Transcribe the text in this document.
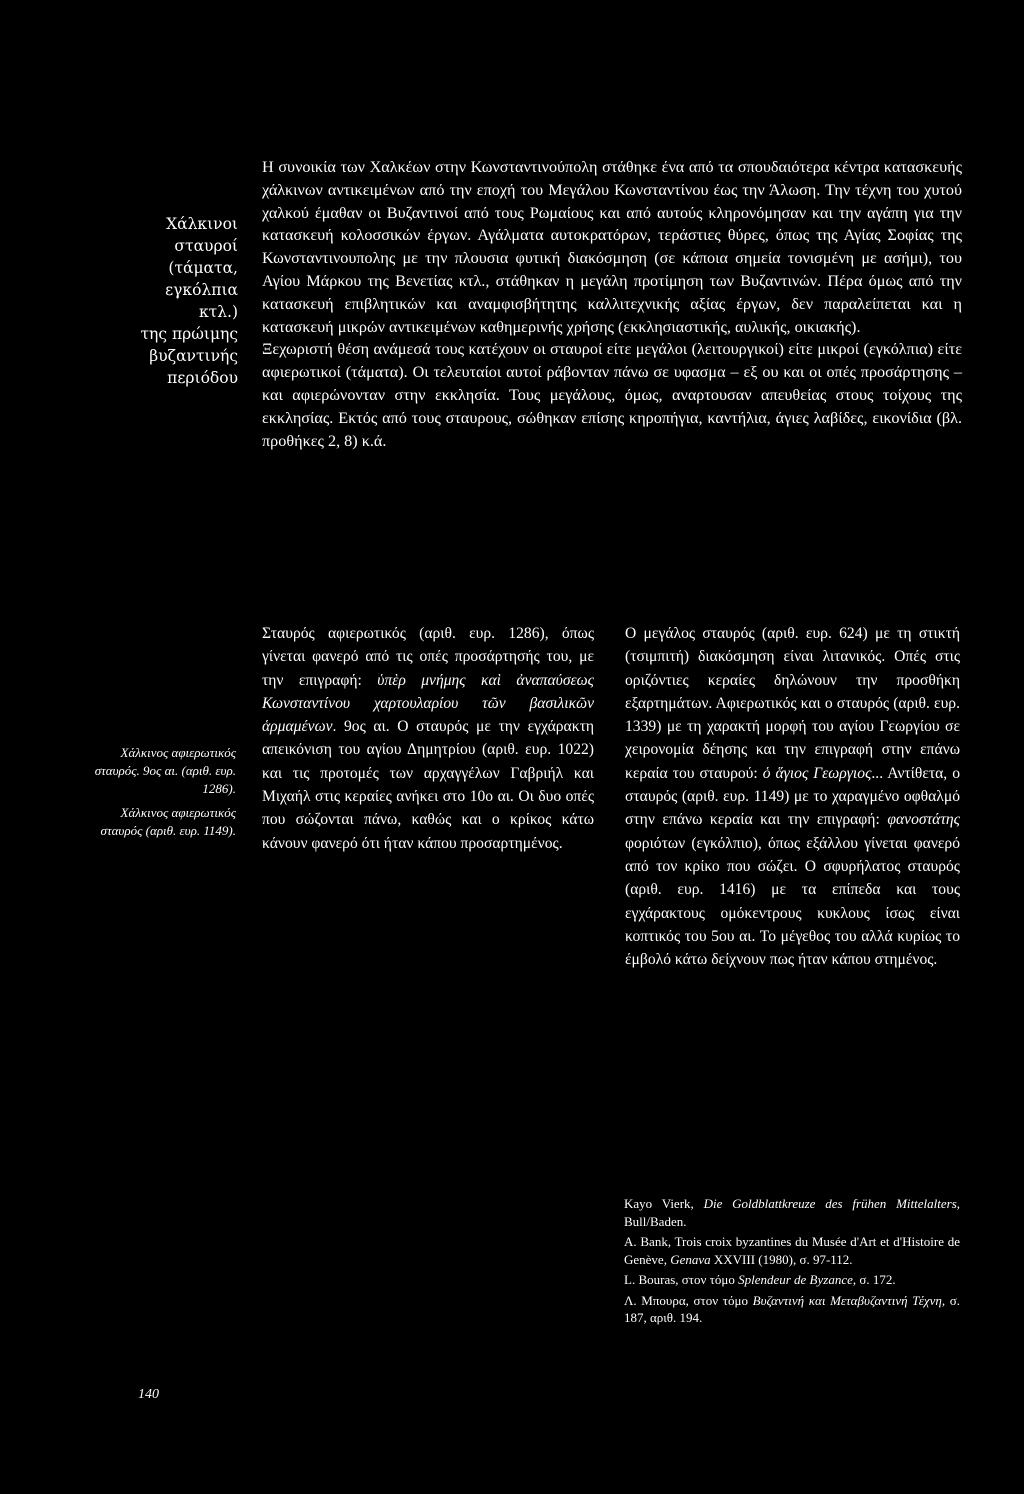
Χάλκινοι
σταυροί (τάματα,
εγκόλπια κτλ.)
της πρώιμης
βυζαντινής
περιόδου

Η συνοικία των Χαλκέων στην Κωνσταντινούπολη στάθηκε ένα από τα σπουδαιότερα κέντρα κατασκευής χάλκινων αντικειμένων από την εποχή του Μεγάλου Κωνσταντίνου έως την Άλωση. Την τέχνη του χυτού χαλκού έμαθαν οι Βυζαντινοί από τους Ρωμαίους και από αυτούς κληρονόμησαν και την αγάπη για την κατασκευή κολοσσικών έργων. Αγάλματα αυτοκρατόρων, τεράστιες θύρες, όπως της Αγίας Σοφίας της Κωνσταντινουπολης με την πλουσια φυτική διακόσμηση (σε κάποια σημεία τονισμένη με ασήμι), του Αγίου Μάρκου της Βενετίας κτλ., στάθηκαν η μεγάλη προτίμηση των Βυζαντινών. Πέρα όμως από την κατασκευή επιβλητικών και αναμφισβήτητης καλλιτεχνικής αξίας έργων, δεν παραλείπεται και η κατασκευή μικρών αντικειμένων καθημερινής χρήσης (εκκλησιαστικής, αυλικής, οικιακής).

Ξεχωριστή θέση ανάμεσά τους κατέχουν οι σταυροί είτε μεγάλοι (λειτουργικοί) είτε μικροί (εγκόλπια) είτε αφιερωτικοί (τάματα). Οι τελευταίοι αυτοί ράβονταν πάνω σε υφασμα – εξ ου και οι οπές προσάρτησης – και αφιερώνονταν στην εκκλησία. Τους μεγάλους, όμως, αναρτουσαν απευθείας στους τοίχους της εκκλησίας. Εκτός από τους σταυρους, σώθηκαν επίσης κηροπήγια, καντήλια, άγιες λαβίδες, εικονίδια (βλ. προθήκες 2, 8) κ.ά.

Χάλκινος αφιερωτικός σταυρός. 9ος αι. (αριθ. ευρ. 1286).

Χάλκινος αφιερωτικός σταυρός (αριθ. ευρ. 1149).

Σταυρός αφιερωτικός (αριθ. ευρ. 1286), όπως γίνεται φανερό από τις οπές προσάρτησής του, με την επιγραφή: ὑπὲρ μνήμης καὶ ἀναπαύσεως Κωνσταντίνου χαρτουλαρίου τῶν βασιλικῶν ἁρμαμένων. 9ος αι. Ο σταυρός με την εγχάρακτη απεικόνιση του αγίου Δημητρίου (αριθ. ευρ. 1022) και τις προτομές των αρχαγγέλων Γαβριήλ και Μιχαήλ στις κεραίες ανήκει στο 10ο αι. Οι δυο οπές που σώζονται πάνω, καθώς και ο κρίκος κάτω κάνουν φανερό ότι ήταν κάπου προσαρτημένος.

Ο μεγάλος σταυρός (αριθ. ευρ. 624) με τη στικτή (τσιμπιτή) διακόσμηση είναι λιτανικός. Οπές στις οριζόντιες κεραίες δηλώνουν την προσθήκη εξαρτημάτων. Αφιερωτικός και ο σταυρός (αριθ. ευρ. 1339) με τη χαρακτή μορφή του αγίου Γεωργίου σε χειρονομία δέησης και την επιγραφή στην επάνω κεραία του σταυρού: ὁ ἅγιος Γεωργιος... Αντίθετα, ο σταυρός (αριθ. ευρ. 1149) με το χαραγμένο οφθαλμό στην επάνω κεραία και την επιγραφή: φανοστάτης φοριότων (εγκόλπιο), όπως εξάλλου γίνεται φανερό από τον κρίκο που σώζει. Ο σφυρήλατος σταυρός (αριθ. ευρ. 1416) με τα επίπεδα και τους εγχάρακτους ομόκεντρους κυκλους ίσως είναι κοπτικός του 5ου αι. Το μέγεθος του αλλά κυρίως το έμβολό κάτω δείχνουν πως ήταν κάπου στημένος.

Kayo Vierk, Die Goldblattkreuze des frühen Mittelalters, Bull/Baden.

A. Bank, Trois croix byzantines du Musée d'Art et d'Histoire de Genève, Genava XXVIII (1980), σ. 97-112.

L. Bouras, στον τόμο Splendeur de Byzance, σ. 172.

Λ. Μπουρα, στον τόμο Βυζαντινή και Μεταβυζαντινή Τέχνη, σ. 187, αριθ. 194.

140
